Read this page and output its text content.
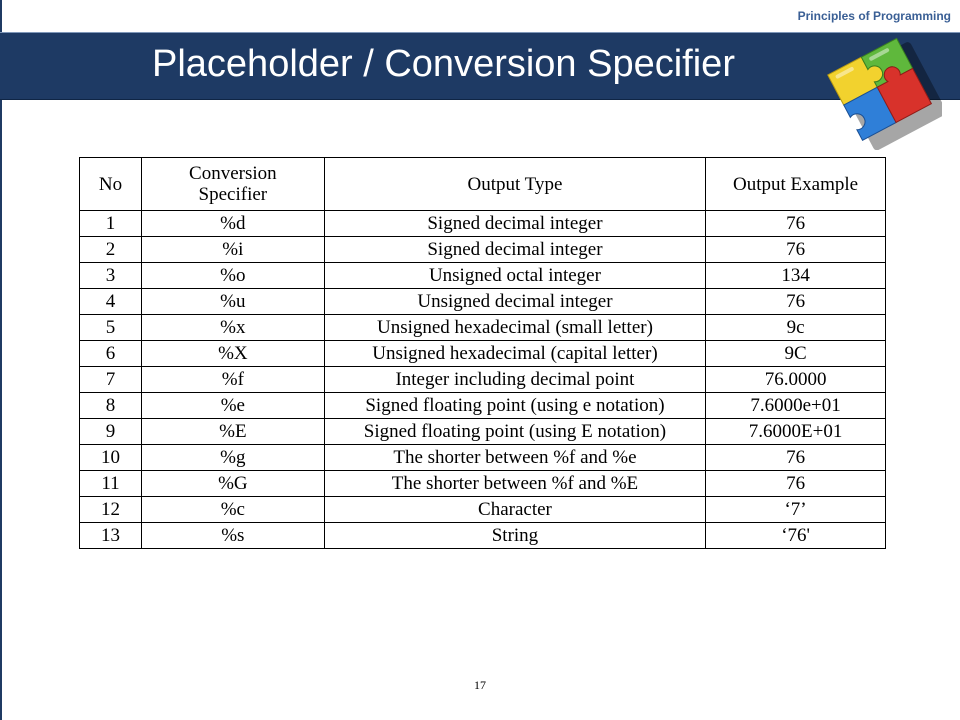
Principles of Programming
Placeholder / Conversion Specifier
No	Conversion Specifier	Output Type	Output Example
1	%d	Signed decimal integer	76
2	%i	Signed decimal integer	76
3	%o	Unsigned octal integer	134
4	%u	Unsigned decimal integer	76
5	%x	Unsigned hexadecimal (small letter)	9c
6	%X	Unsigned hexadecimal (capital letter)	9C
7	%f	Integer including decimal point	76.0000
8	%e	Signed floating point (using e notation)	7.6000e+01
9	%E	Signed floating point (using E notation)	7.6000E+01
10	%g	The shorter between %f and %e	76
11	%G	The shorter between %f and %E	76
12	%c	Character	‘7’
13	%s	String	‘76'
17
